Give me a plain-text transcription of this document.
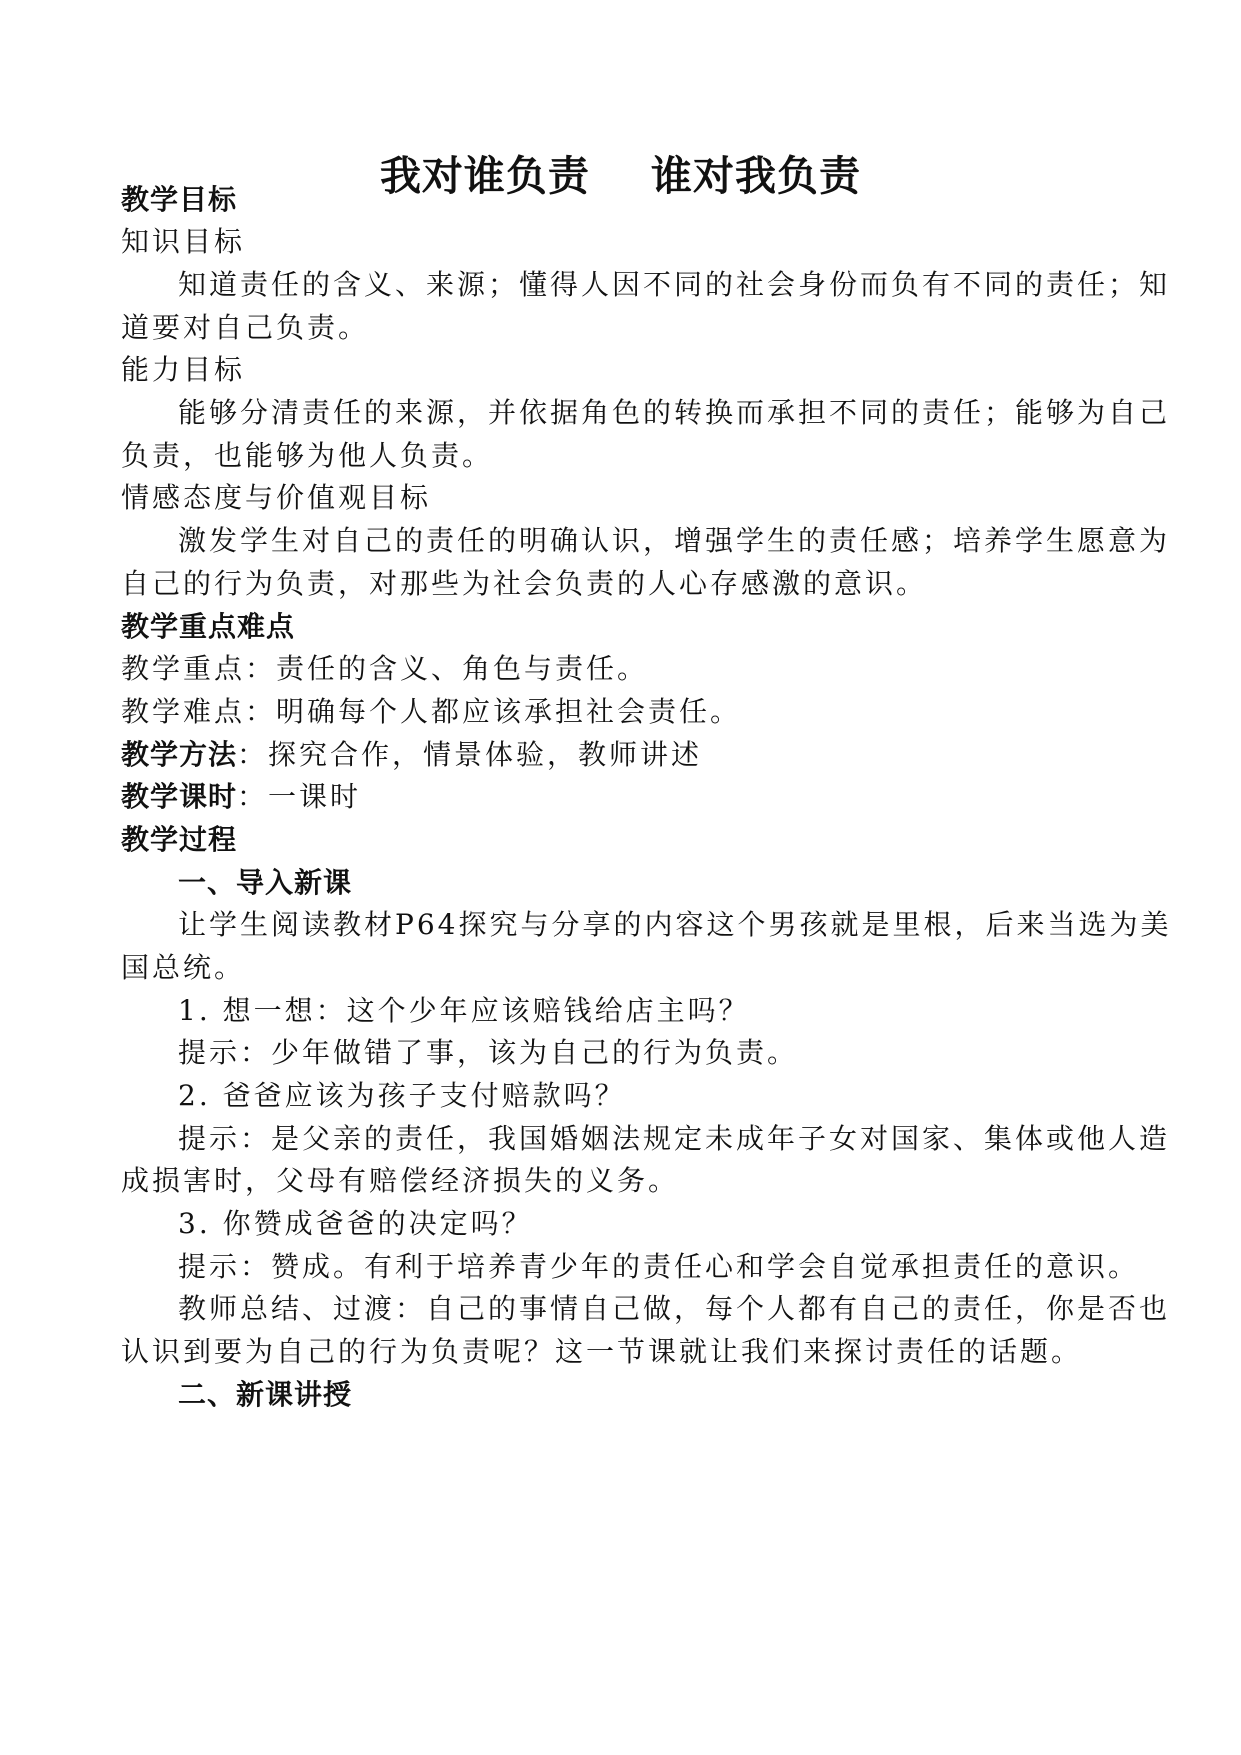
我对谁负责    谁对我负责
教学目标
知识目标
知道责任的含义、来源；懂得人因不同的社会身份而负有不同的责任；知
道要对自己负责。
能力目标
能够分清责任的来源，并依据角色的转换而承担不同的责任；能够为自己
负责，也能够为他人负责。
情感态度与价值观目标
激发学生对自己的责任的明确认识，增强学生的责任感；培养学生愿意为
自己的行为负责，对那些为社会负责的人心存感激的意识。
教学重点难点
教学重点：责任的含义、角色与责任。
教学难点：明确每个人都应该承担社会责任。
教学方法：探究合作，情景体验，教师讲述
教学课时：一课时
教学过程
一、导入新课
让学生阅读教材P64探究与分享的内容这个男孩就是里根，后来当选为美
国总统。
1. 想一想：这个少年应该赔钱给店主吗？
提示：少年做错了事，该为自己的行为负责。
2. 爸爸应该为孩子支付赔款吗？
提示：是父亲的责任，我国婚姻法规定未成年子女对国家、集体或他人造
成损害时，父母有赔偿经济损失的义务。
3. 你赞成爸爸的决定吗？
提示：赞成。有利于培养青少年的责任心和学会自觉承担责任的意识。
教师总结、过渡：自己的事情自己做，每个人都有自己的责任，你是否也
认识到要为自己的行为负责呢？这一节课就让我们来探讨责任的话题。
二、新课讲授
